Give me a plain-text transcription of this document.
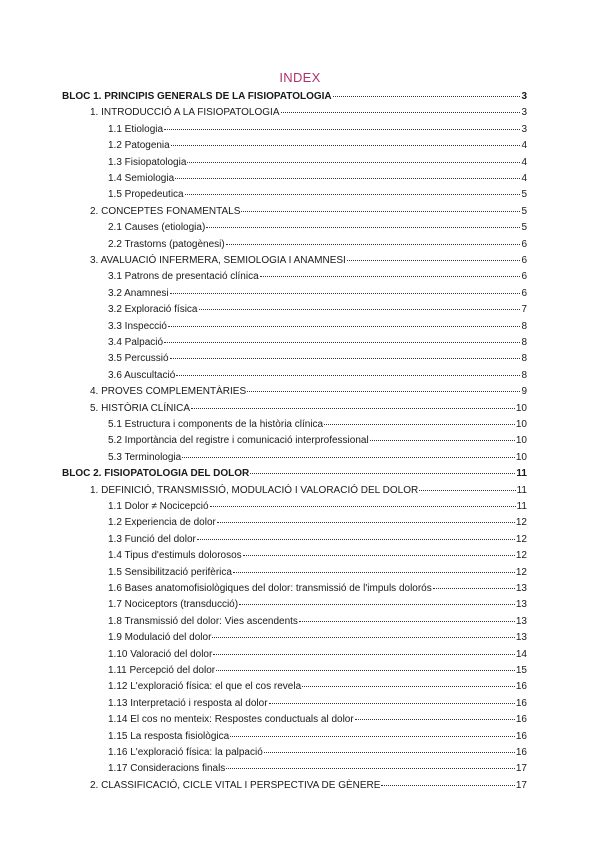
INDEX
BLOC 1. PRINCIPIS GENERALS DE LA FISIOPATOLOGIA	3
1. INTRODUCCIÓ A LA FISIOPATOLOGIA	3
1.1 Etiologia	3
1.2 Patogenia	4
1.3 Fisiopatologia	4
1.4 Semiologia	4
1.5 Propedeutica	5
2. CONCEPTES FONAMENTALS	5
2.1 Causes (etiologia)	5
2.2 Trastorns (patogènesi)	6
3. AVALUACIÓ INFERMERA, SEMIOLOGIA I ANAMNESI	6
3.1 Patrons de presentació clínica	6
3.2 Anamnesi	6
3.2 Exploració física	7
3.3 Inspecció	8
3.4 Palpació	8
3.5 Percussió	8
3.6 Auscultació	8
4. PROVES COMPLEMENTÀRIES	9
5. HISTÒRIA CLÍNICA	10
5.1 Estructura i components de la història clínica	10
5.2 Importància del registre i comunicació interprofessional	10
5.3 Terminologia	10
BLOC 2. FISIOPATOLOGIA DEL DOLOR	11
1. DEFINICIÓ, TRANSMISSIÓ, MODULACIÓ I VALORACIÓ DEL DOLOR	11
1.1 Dolor ≠ Nocicepció	11
1.2 Experiencia de dolor	12
1.3 Funció del dolor	12
1.4 Tipus d'estimuls dolorosos	12
1.5 Sensibilització perifèrica	12
1.6 Bases anatomofisiològiques del dolor: transmissió de l'impuls dolorós	13
1.7 Nociceptors (transducció)	13
1.8 Transmissió del dolor: Vies ascendents	13
1.9 Modulació del dolor	13
1.10 Valoració del dolor	14
1.11 Percepció del dolor	15
1.12 L'exploració física: el que el cos revela	16
1.13 Interpretació i resposta al dolor	16
1.14 El cos no menteix: Respostes conductuals al dolor	16
1.15 La resposta fisiològica	16
1.16 L'exploració física: la palpació	16
1.17 Consideracions finals	17
2. CLASSIFICACIÓ, CICLE VITAL I PERSPECTIVA DE GÈNERE	17
